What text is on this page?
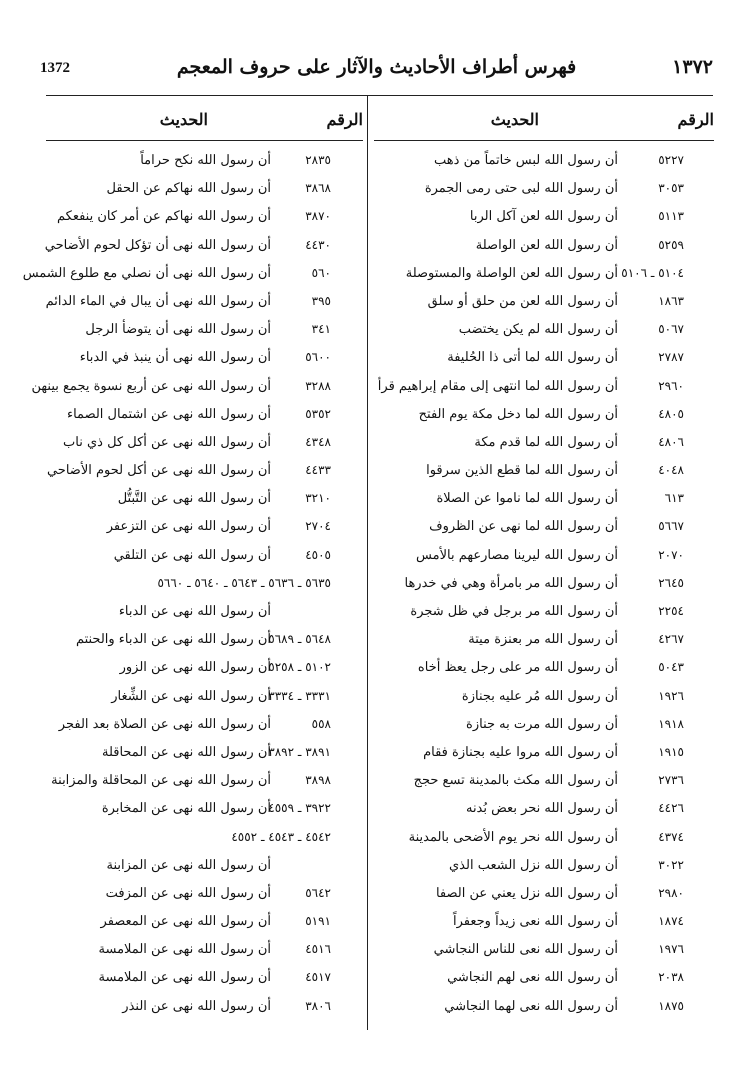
1372	فهرس أطراف الأحاديث والآثار على حروف المعجم	١٣٧٢
الرقم
الحديث
٥٢٢٧
أن رسول الله لبس خاتماً من ذهب
٣٠٥٣
أن رسول الله لبى حتى رمى الجمرة
٥١١٣
أن رسول الله لعن آكل الربا
٥٢٥٩
أن رسول الله لعن الواصلة
٥١٠٤ ـ ٥١٠٦
أن رسول الله لعن الواصلة والمستوصلة
١٨٦٣
أن رسول الله لعن من حلق أو سلق
٥٠٦٧
أن رسول الله لم يكن يختضب
٢٧٨٧
أن رسول الله لما أتى ذا الحُليفة
٢٩٦٠
أن رسول الله لما انتهى إلى مقام إبراهيم قرأ
٤٨٠٥
أن رسول الله لما دخل مكة يوم الفتح
٤٨٠٦
أن رسول الله لما قدم مكة
٤٠٤٨
أن رسول الله لما قطع الذين سرقوا
٦١٣
أن رسول الله لما ناموا عن الصلاة
٥٦٦٧
أن رسول الله لما نهى عن الظروف
٢٠٧٠
أن رسول الله ليرينا مصارعهم بالأمس
٢٦٤٥
أن رسول الله مر بامرأة وهي في خدرها
٢٢٥٤
أن رسول الله مر برجل في ظل شجرة
٤٢٦٧
أن رسول الله مر بعنزة ميتة
٥٠٤٣
أن رسول الله مر على رجل يعظ أخاه
١٩٢٦
أن رسول الله مُر عليه بجنازة
١٩١٨
أن رسول الله مرت به جنازة
١٩١٥
أن رسول الله مروا عليه بجنازة فقام
٢٧٣٦
أن رسول الله مكث بالمدينة تسع حجج
٤٤٢٦
أن رسول الله نحر بعض بُدنه
٤٣٧٤
أن رسول الله نحر يوم الأضحى بالمدينة
٣٠٢٢
أن رسول الله نزل الشعب الذي
٢٩٨٠
أن رسول الله نزل يعني عن الصفا
١٨٧٤
أن رسول الله نعى زيداً وجعفراً
١٩٧٦
أن رسول الله نعى للناس النجاشي
٢٠٣٨
أن رسول الله نعى لهم النجاشي
١٨٧٥
أن رسول الله نعى لهما النجاشي
الرقم
الحديث
٢٨٣٥
أن رسول الله نكح حراماً
٣٨٦٨
أن رسول الله نهاكم عن الحقل
٣٨٧٠
أن رسول الله نهاكم عن أمر كان ينفعكم
٤٤٣٠
أن رسول الله نهى أن تؤكل لحوم الأضاحي
٥٦٠
أن رسول الله نهى أن نصلي مع طلوع الشمس
٣٩٥
أن رسول الله نهى أن يبال في الماء الدائم
٣٤١
أن رسول الله نهى أن يتوضأ الرجل
٥٦٠٠
أن رسول الله نهى أن ينبذ في الدباء
٣٢٨٨
أن رسول الله نهى عن أربع نسوة يجمع بينهن
٥٣٥٢
أن رسول الله نهى عن اشتمال الصماء
٤٣٤٨
أن رسول الله نهى عن أكل كل ذي ناب
٤٤٣٣
أن رسول الله نهى عن أكل لحوم الأضاحي
٣٢١٠
أن رسول الله نهى عن التَّبتُّل
٢٧٠٤
أن رسول الله نهى عن التزعفر
٤٥٠٥
أن رسول الله نهى عن التلقي
٥٦٣٥ ـ ٥٦٣٦ ـ ٥٦٤٣ ـ ٥٦٤٠ ـ ٥٦٦٠
أن رسول الله نهى عن الدباء
٥٦٤٨ ـ ٥٦٨٩
أن رسول الله نهى عن الدباء والحنتم
٥١٠٢ ـ ٥٢٥٨
أن رسول الله نهى عن الزور
٣٣٣١ ـ ٣٣٣٤
أن رسول الله نهى عن الشِّغار
٥٥٨
أن رسول الله نهى عن الصلاة بعد الفجر
٣٨٩١ ـ ٣٨٩٢
أن رسول الله نهى عن المحاقلة
٣٨٩٨
أن رسول الله نهى عن المحاقلة والمزابنة
٣٩٢٢ ـ ٤٥٥٩
أن رسول الله نهى عن المخابرة
٤٥٤٢ ـ ٤٥٤٣ ـ ٤٥٥٢
أن رسول الله نهى عن المزابنة
٥٦٤٢
أن رسول الله نهى عن المزفت
٥١٩١
أن رسول الله نهى عن المعصفر
٤٥١٦
أن رسول الله نهى عن الملامسة
٤٥١٧
أن رسول الله نهى عن الملامسة
٣٨٠٦
أن رسول الله نهى عن النذر
